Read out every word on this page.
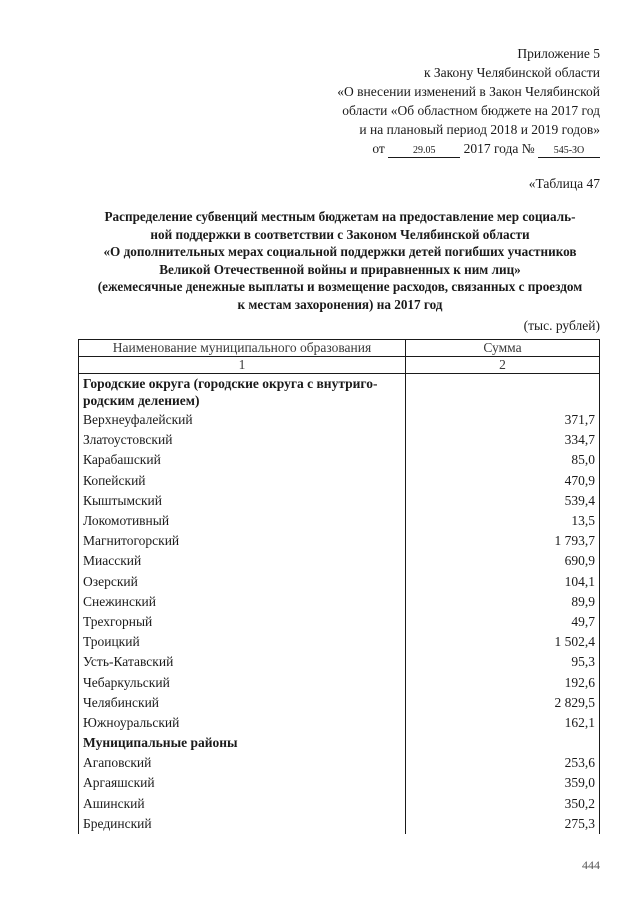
Приложение 5
к Закону Челябинской области
«О внесении изменений в Закон Челябинской
области «Об областном бюджете на 2017 год
и на плановый период 2018 и 2019 годов»
от	29.05 2017 года № 545-ЗО
«Таблица 47
Распределение субвенций местным бюджетам на предоставление мер социаль-
ной поддержки в соответствии с Законом Челябинской области
«О дополнительных мерах социальной поддержки детей погибших участников
Великой Отечественной войны и приравненных к ним лиц»
(ежемесячные денежные выплаты и возмещение расходов, связанных с проездом
к местам захоронения) на 2017 год
(тыс. рублей)
Наименование муниципального образования	Сумма
1	2
Городские округа (городские округа с внутриго-родским делением)	
Верхнеуфалейский	371,7
Златоустовский	334,7
Карабашский	85,0
Копейский	470,9
Кыштымский	539,4
Локомотивный	13,5
Магнитогорский	1 793,7
Миасский	690,9
Озерский	104,1
Снежинский	89,9
Трехгорный	49,7
Троицкий	1 502,4
Усть-Катавский	95,3
Чебаркульский	192,6
Челябинский	2 829,5
Южноуральский	162,1
Муниципальные районы	
Агаповский	253,6
Аргаяшский	359,0
Ашинский	350,2
Брединский	275,3
444
